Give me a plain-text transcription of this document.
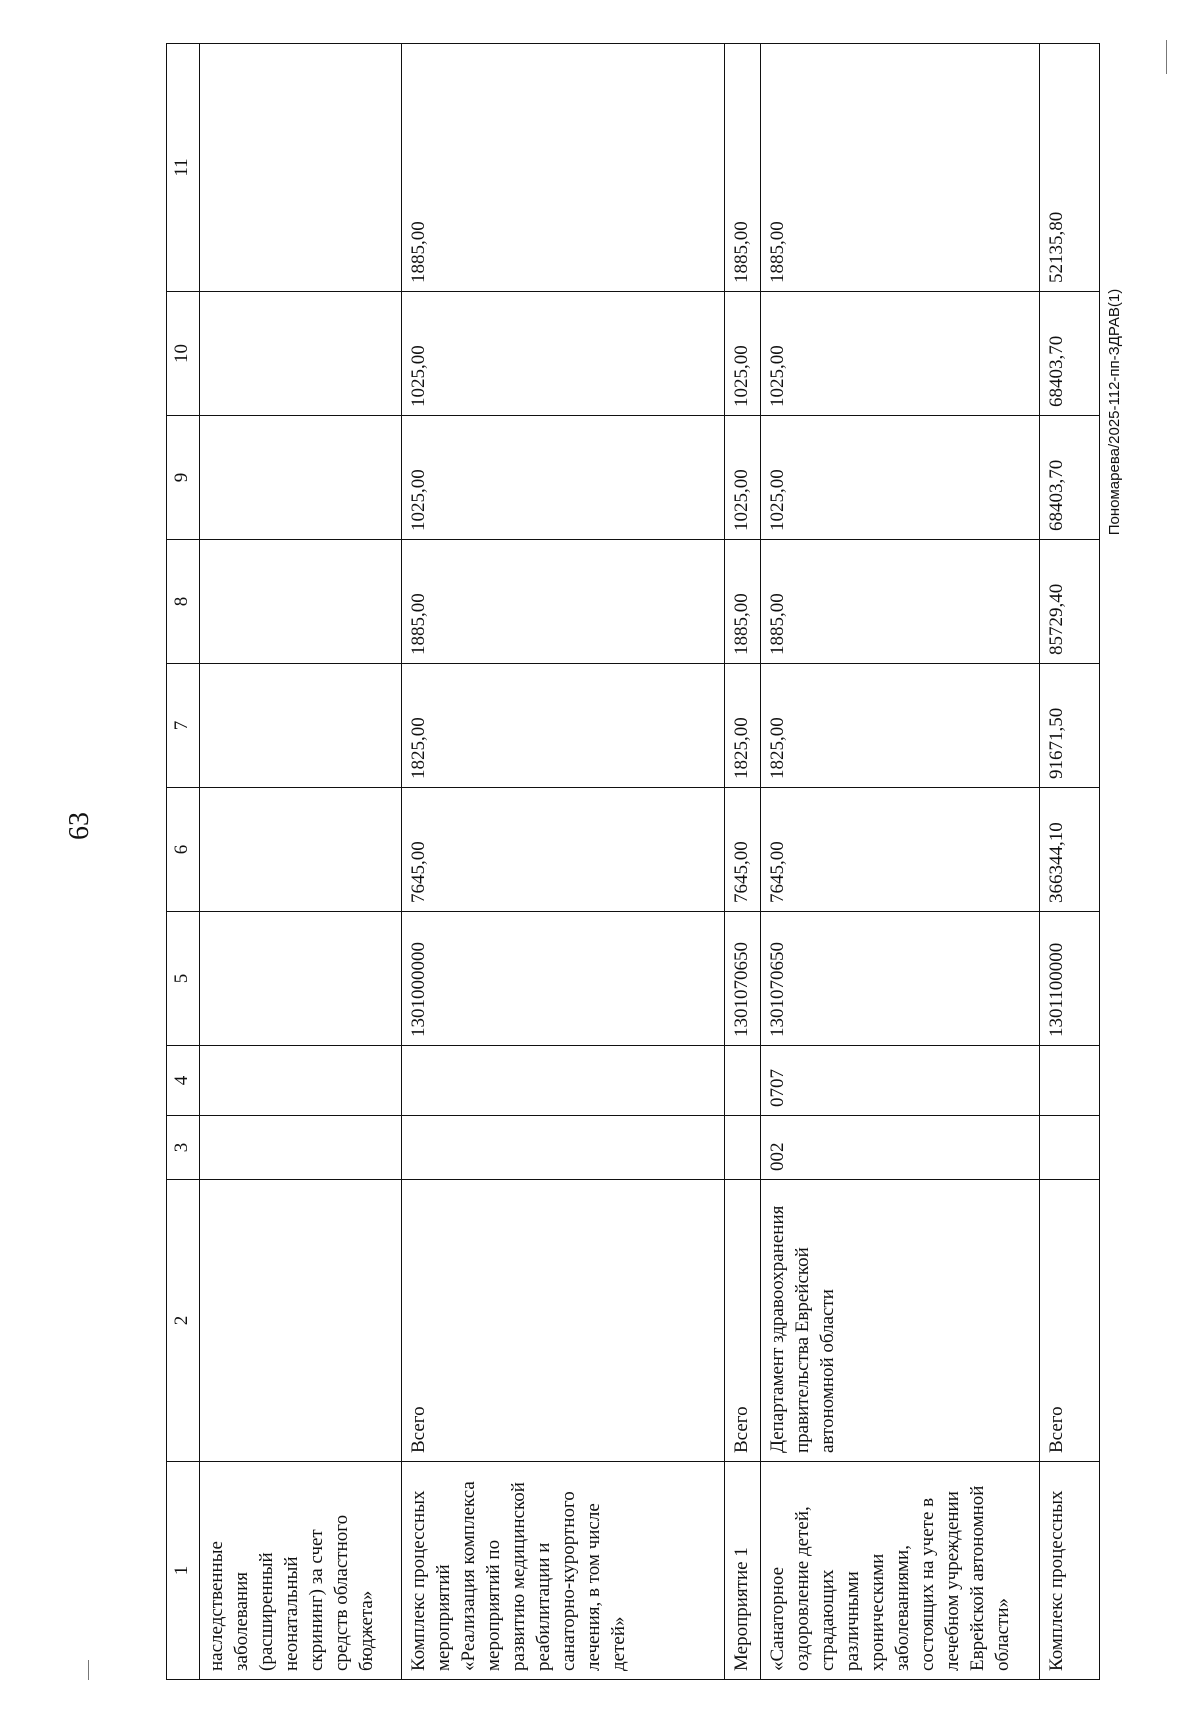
63
Пономарева/2025-112-пп-ЗДРАВ(1)
1	2	3	4	5	6	7	8	9	10	11
наследственные заболевания (расширенный неонатальный скрининг) за счет средств областного бюджета»										
Комплекс процессных мероприятий «Реализация комплекса мероприятий по развитию медицинской реабилитации и санаторно-курортного лечения, в том числе детей»	Всего			1301000000	7645,00	1825,00	1885,00	1025,00	1025,00	1885,00
Мероприятие 1	Всего			1301070650	7645,00	1825,00	1885,00	1025,00	1025,00	1885,00
«Санаторное оздоровление детей, страдающих различными хроническими заболеваниями, состоящих на учете в лечебном учреждении Еврейской автономной области»	Департамент здравоохранения правительства Еврейской автономной области	002	0707	1301070650	7645,00	1825,00	1885,00	1025,00	1025,00	1885,00
Комплекс процессных	Всего			1301100000	366344,10	91671,50	85729,40	68403,70	68403,70	52135,80
